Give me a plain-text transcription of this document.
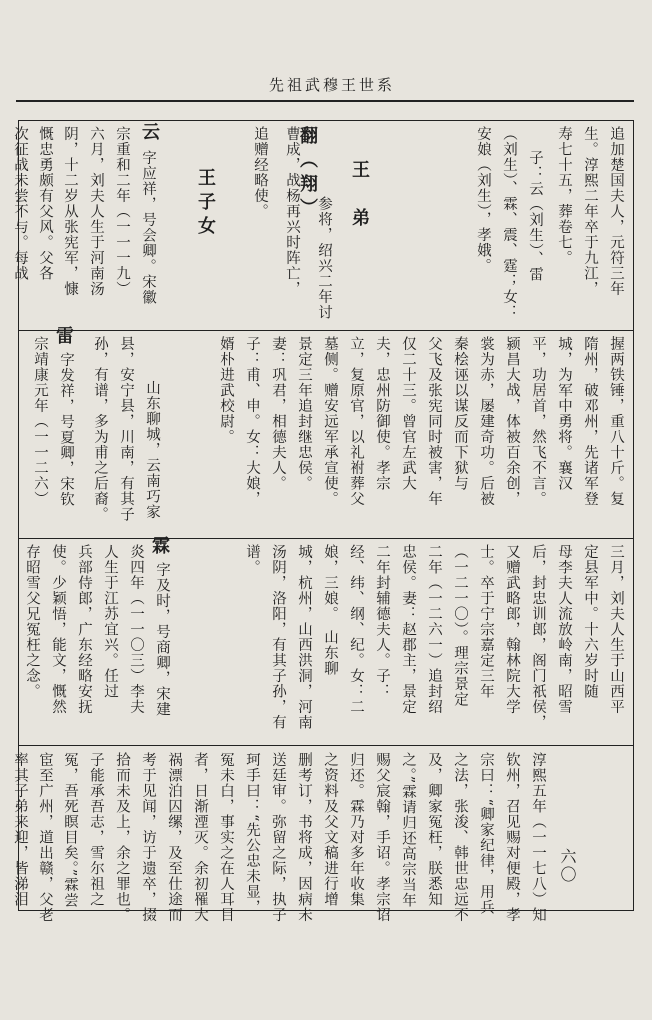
先祖武穆王世系
追加楚国夫人，元符三年
生。淳熙二年卒于九江，
寿七十五，葬卷七。
子：云（刘生）、雷
（刘生）、霖、震、霆；女：
安娘（刘生），孝娥。
王　弟
翻（翔）
参将，绍兴二年讨
曹成，战杨再兴时阵亡，
追赠经略使。
王子女
云
字应祥，号会卿。宋徽
宗重和二年（一一一九）
六月，刘夫人生于河南汤
阴，十二岁从张宪军，慷
慨忠勇颇有父风。父各
次征战未尝不与。每战
握两铁锤，重八十斤。复
隋州，破邓州，先诸军登
城，为军中勇将。襄汉
平，功居首，然飞不言。
颍昌大战，体被百余创，
裳为赤，屡建奇功。后被
秦桧诬以谋反而下狱与
父飞及张宪同时被害，年
仅二十三。曾官左武大
夫，忠州防御使。孝宗
立，复原官，以礼祔葬父
墓侧。赠安远军承宣使。
景定三年追封继忠侯。
妻：巩君，相德夫人。
子：甫、申。女：大娘，
婿朴进武校尉。
山东聊城，云南巧家
县，安宁县，川南，有其子
孙，有谱，多为甫之后裔。
雷
字发祥，号夏卿，宋钦
宗靖康元年（一一二六）
三月，刘夫人生于山西平
定县军中。十六岁时随
母李夫人流放岭南，昭雪
后，封忠训郎，阁门祇侯，
又赠武略郎，翰林院大学
士。卒于宁宗嘉定三年
（一二一〇）。理宗景定
二年（一二六一）追封绍
忠侯。妻：赵郡主，景定
二年封辅德夫人。子：
经、纬、纲、纪。女：二
娘，三娘。　山东聊
城，杭州，山西洪洞，河南
汤阴，洛阳，有其子孙，有
谱。
霖
字及时，号商卿，宋建
炎四年（一一〇三）李夫
人生于江苏宜兴。任过
兵部侍郎，广东经略安抚
使。少颖悟，能文，慨然
存昭雪父兄冤枉之念。
淳熙五年（一一七八）知
钦州，召见赐对便殿，孝
宗曰：“卿家纪律，用兵
之法，张浚、韩世忠远不
及，卿家冤枉，朕悉知
之。”霖请归还高宗当年
赐父宸翰，手诏。孝宗诏
归还。霖乃对多年收集
之资料及父文稿进行增
删考订，书将成，因病未
送廷审。弥留之际，执子
珂手曰：“先公忠未显，
冤未白，事实之在人耳目
者，日渐湮灭。余初罹大
祸漂泊囚缧，及至仕途而
考于见闻，访于遗卒，掇
拾而未及上，余之罪也。
子能承吾志，雪尔祖之
冤，吾死瞑目矣。”霖尝
宦至广州，道出赣，父老
率其子弟来迎，皆涕泪	六〇
